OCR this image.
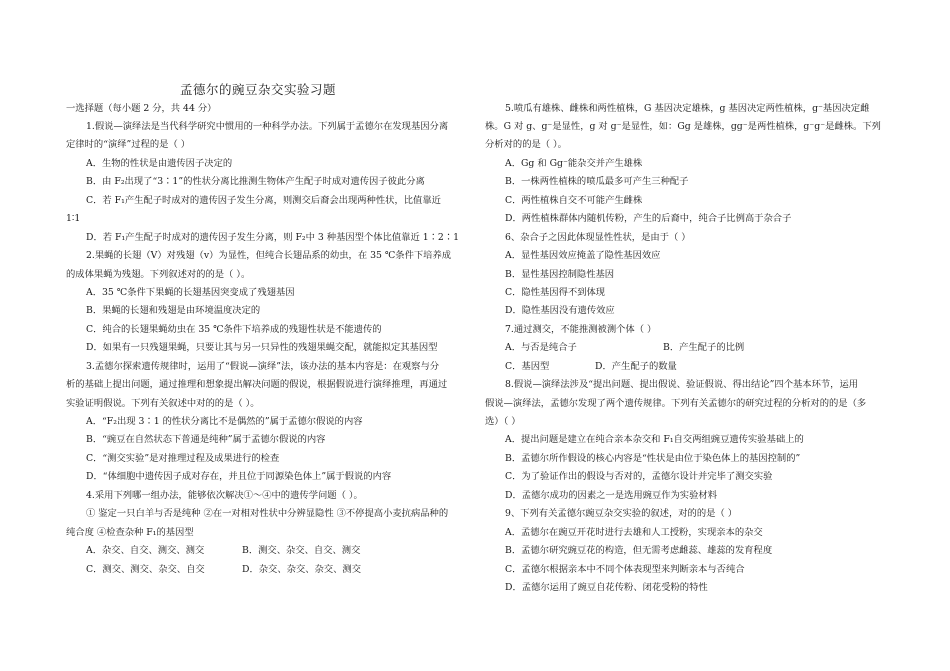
孟德尔的豌豆杂交实验习题
一选择题（每小题 2 分，共 44 分）
1.假说—演绎法是当代科学研究中惯用的一种科学办法。下列属于孟德尔在发现基因分离
定律时的“演绎”过程的是（ ）
A．生物的性状是由遗传因子决定的
B．由 F₂出现了“3∶1”的性状分离比推测生物体产生配子时成对遗传因子彼此分离
C．若 F₁产生配子时成对的遗传因子发生分离，则测交后裔会出现两种性状，比值靠近
1∶1
D．若 F₁产生配子时成对的遗传因子发生分离，则 F₂中 3 种基因型个体比值靠近 1∶2∶1
2.果蝇的长翅（V）对残翅（v）为显性，但纯合长翅品系的幼虫，在 35 ℃条件下培养成
的成体果蝇为残翅。下列叙述对的的是（ ）。
A．35 ℃条件下果蝇的长翅基因突变成了残翅基因
B．果蝇的长翅和残翅是由环境温度决定的
C．纯合的长翅果蝇幼虫在 35 ℃条件下培养成的残翅性状是不能遗传的
D．如果有一只残翅果蝇，只要让其与另一只异性的残翅果蝇交配，就能拟定其基因型
3.孟德尔探索遗传规律时，运用了“假说—演绎”法，该办法的基本内容是：在观察与分
析的基础上提出问题，通过推理和想象提出解决问题的假说，根据假说进行演绎推理，再通过
实验证明假说。下列有关叙述中对的的是（ ）。
A．“F₂出现 3∶1 的性状分离比不是偶然的”属于孟德尔假说的内容
B．“豌豆在自然状态下普通是纯种”属于孟德尔假说的内容
C．“测交实验”是对推理过程及成果进行的检查
D．“体细胞中遗传因子成对存在，并且位于同源染色体上”属于假说的内容
4.采用下列哪一组办法，能够依次解决①～④中的遗传学问题（ ）。
① 鉴定一只白羊与否是纯种 ②在一对相对性状中分辨显隐性 ③不停提高小麦抗病品种的
纯合度 ④检查杂种 F₁的基因型
A．杂交、自交、测交、测交	B．测交、杂交、自交、测交
C．测交、测交、杂交、自交	D．杂交、杂交、杂交、测交
5.喷瓜有雄株、雌株和两性植株，G 基因决定雄株，g 基因决定两性植株，g⁻基因决定雌
株。G 对 g、g⁻是显性，g 对 g⁻是显性，如：Gg 是雄株，gg⁻是两性植株，g⁻g⁻是雌株。下列
分析对的的是（ ）。
A．Gg 和 Gg⁻能杂交并产生雄株
B．一株两性植株的喷瓜最多可产生三种配子
C．两性植株自交不可能产生雌株
D．两性植株群体内随机传粉，产生的后裔中，纯合子比例高于杂合子
6、杂合子之因此体现显性性状，是由于（ ）
A．显性基因效应掩盖了隐性基因效应
B．显性基因控制隐性基因
C．隐性基因得不到体现
D．隐性基因没有遗传效应
7.通过测交，不能推测被测个体（ ）
A．与否是纯合子	B．产生配子的比例
C．基因型	D．产生配子的数量
8.假说—演绎法涉及“提出问题、提出假说、验证假说、得出结论”四个基本环节，运用
假说—演绎法，孟德尔发现了两个遗传规律。下列有关孟德尔的研究过程的分析对的的是（多
选）（ ）
A．提出问题是建立在纯合亲本杂交和 F₁自交两组豌豆遗传实验基础上的
B．孟德尔所作假设的核心内容是“性状是由位于染色体上的基因控制的”
C．为了验证作出的假设与否对的，孟德尔设计并完毕了测交实验
D．孟德尔成功的因素之一是选用豌豆作为实验材料
9、下列有关孟德尔豌豆杂交实验的叙述，对的的是（ ）
A．孟德尔在豌豆开花时进行去雄和人工授粉，实现亲本的杂交
B．孟德尔研究豌豆花的构造，但无需考虑雌蕊、雄蕊的发育程度
C．孟德尔根据亲本中不同个体表现型来判断亲本与否纯合
D．孟德尔运用了豌豆自花传粉、闭花受粉的特性
